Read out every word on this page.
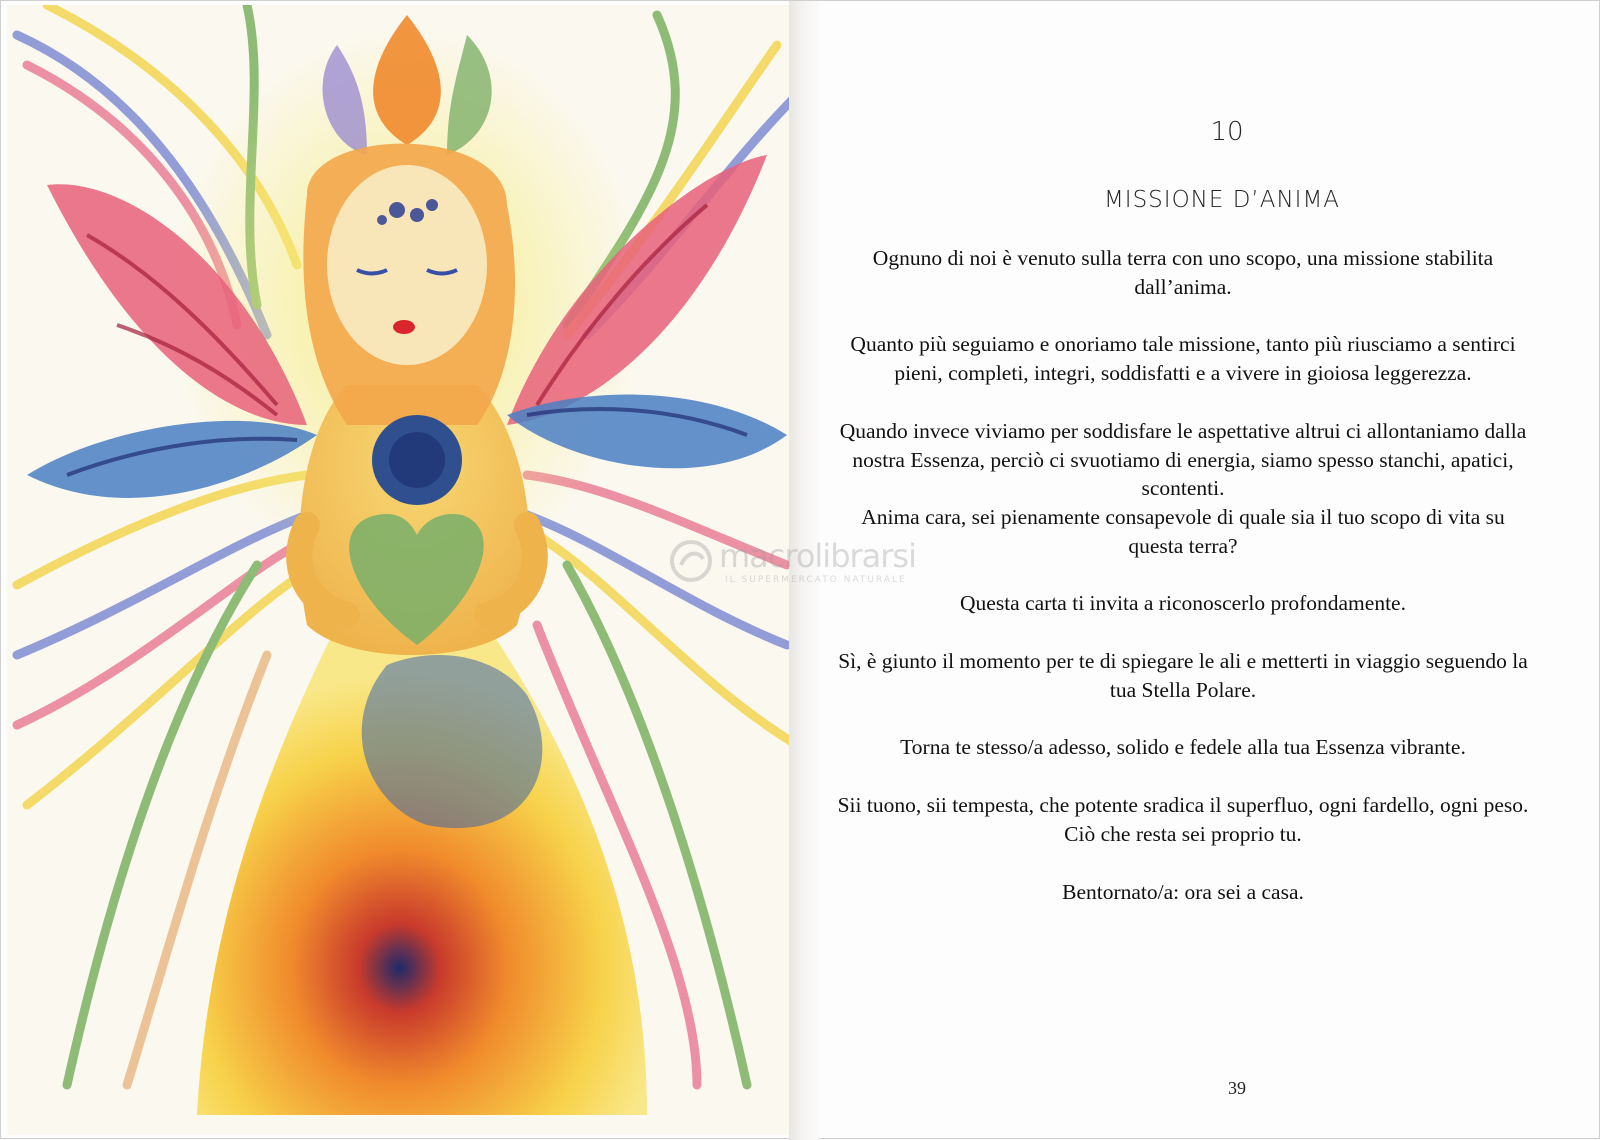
10
MISSIONE D’ANIMA

Ognuno di noi è venuto sulla terra con uno scopo, una missione stabilita dall’anima.

Quanto più seguiamo e onoriamo tale missione, tanto più riusciamo a sentirci pieni, completi, integri, soddisfatti e a vivere in gioiosa leggerezza.

Quando invece viviamo per soddisfare le aspettative altrui ci allontaniamo dalla nostra Essenza, perciò ci svuotiamo di energia, siamo spesso stanchi, apatici, scontenti.

Anima cara, sei pienamente consapevole di quale sia il tuo scopo di vita su questa terra?

Questa carta ti invita a riconoscerlo profondamente.

Sì, è giunto il momento per te di spiegare le ali e metterti in viaggio seguendo la tua Stella Polare.

Torna te stesso/a adesso, solido e fedele alla tua Essenza vibrante.

Sii tuono, sii tempesta, che potente sradica il superfluo, ogni fardello, ogni peso. Ciò che resta sei proprio tu.

Bentornato/a: ora sei a casa.

39
macrolibrarsi
IL SUPERMERCATO NATURALE
